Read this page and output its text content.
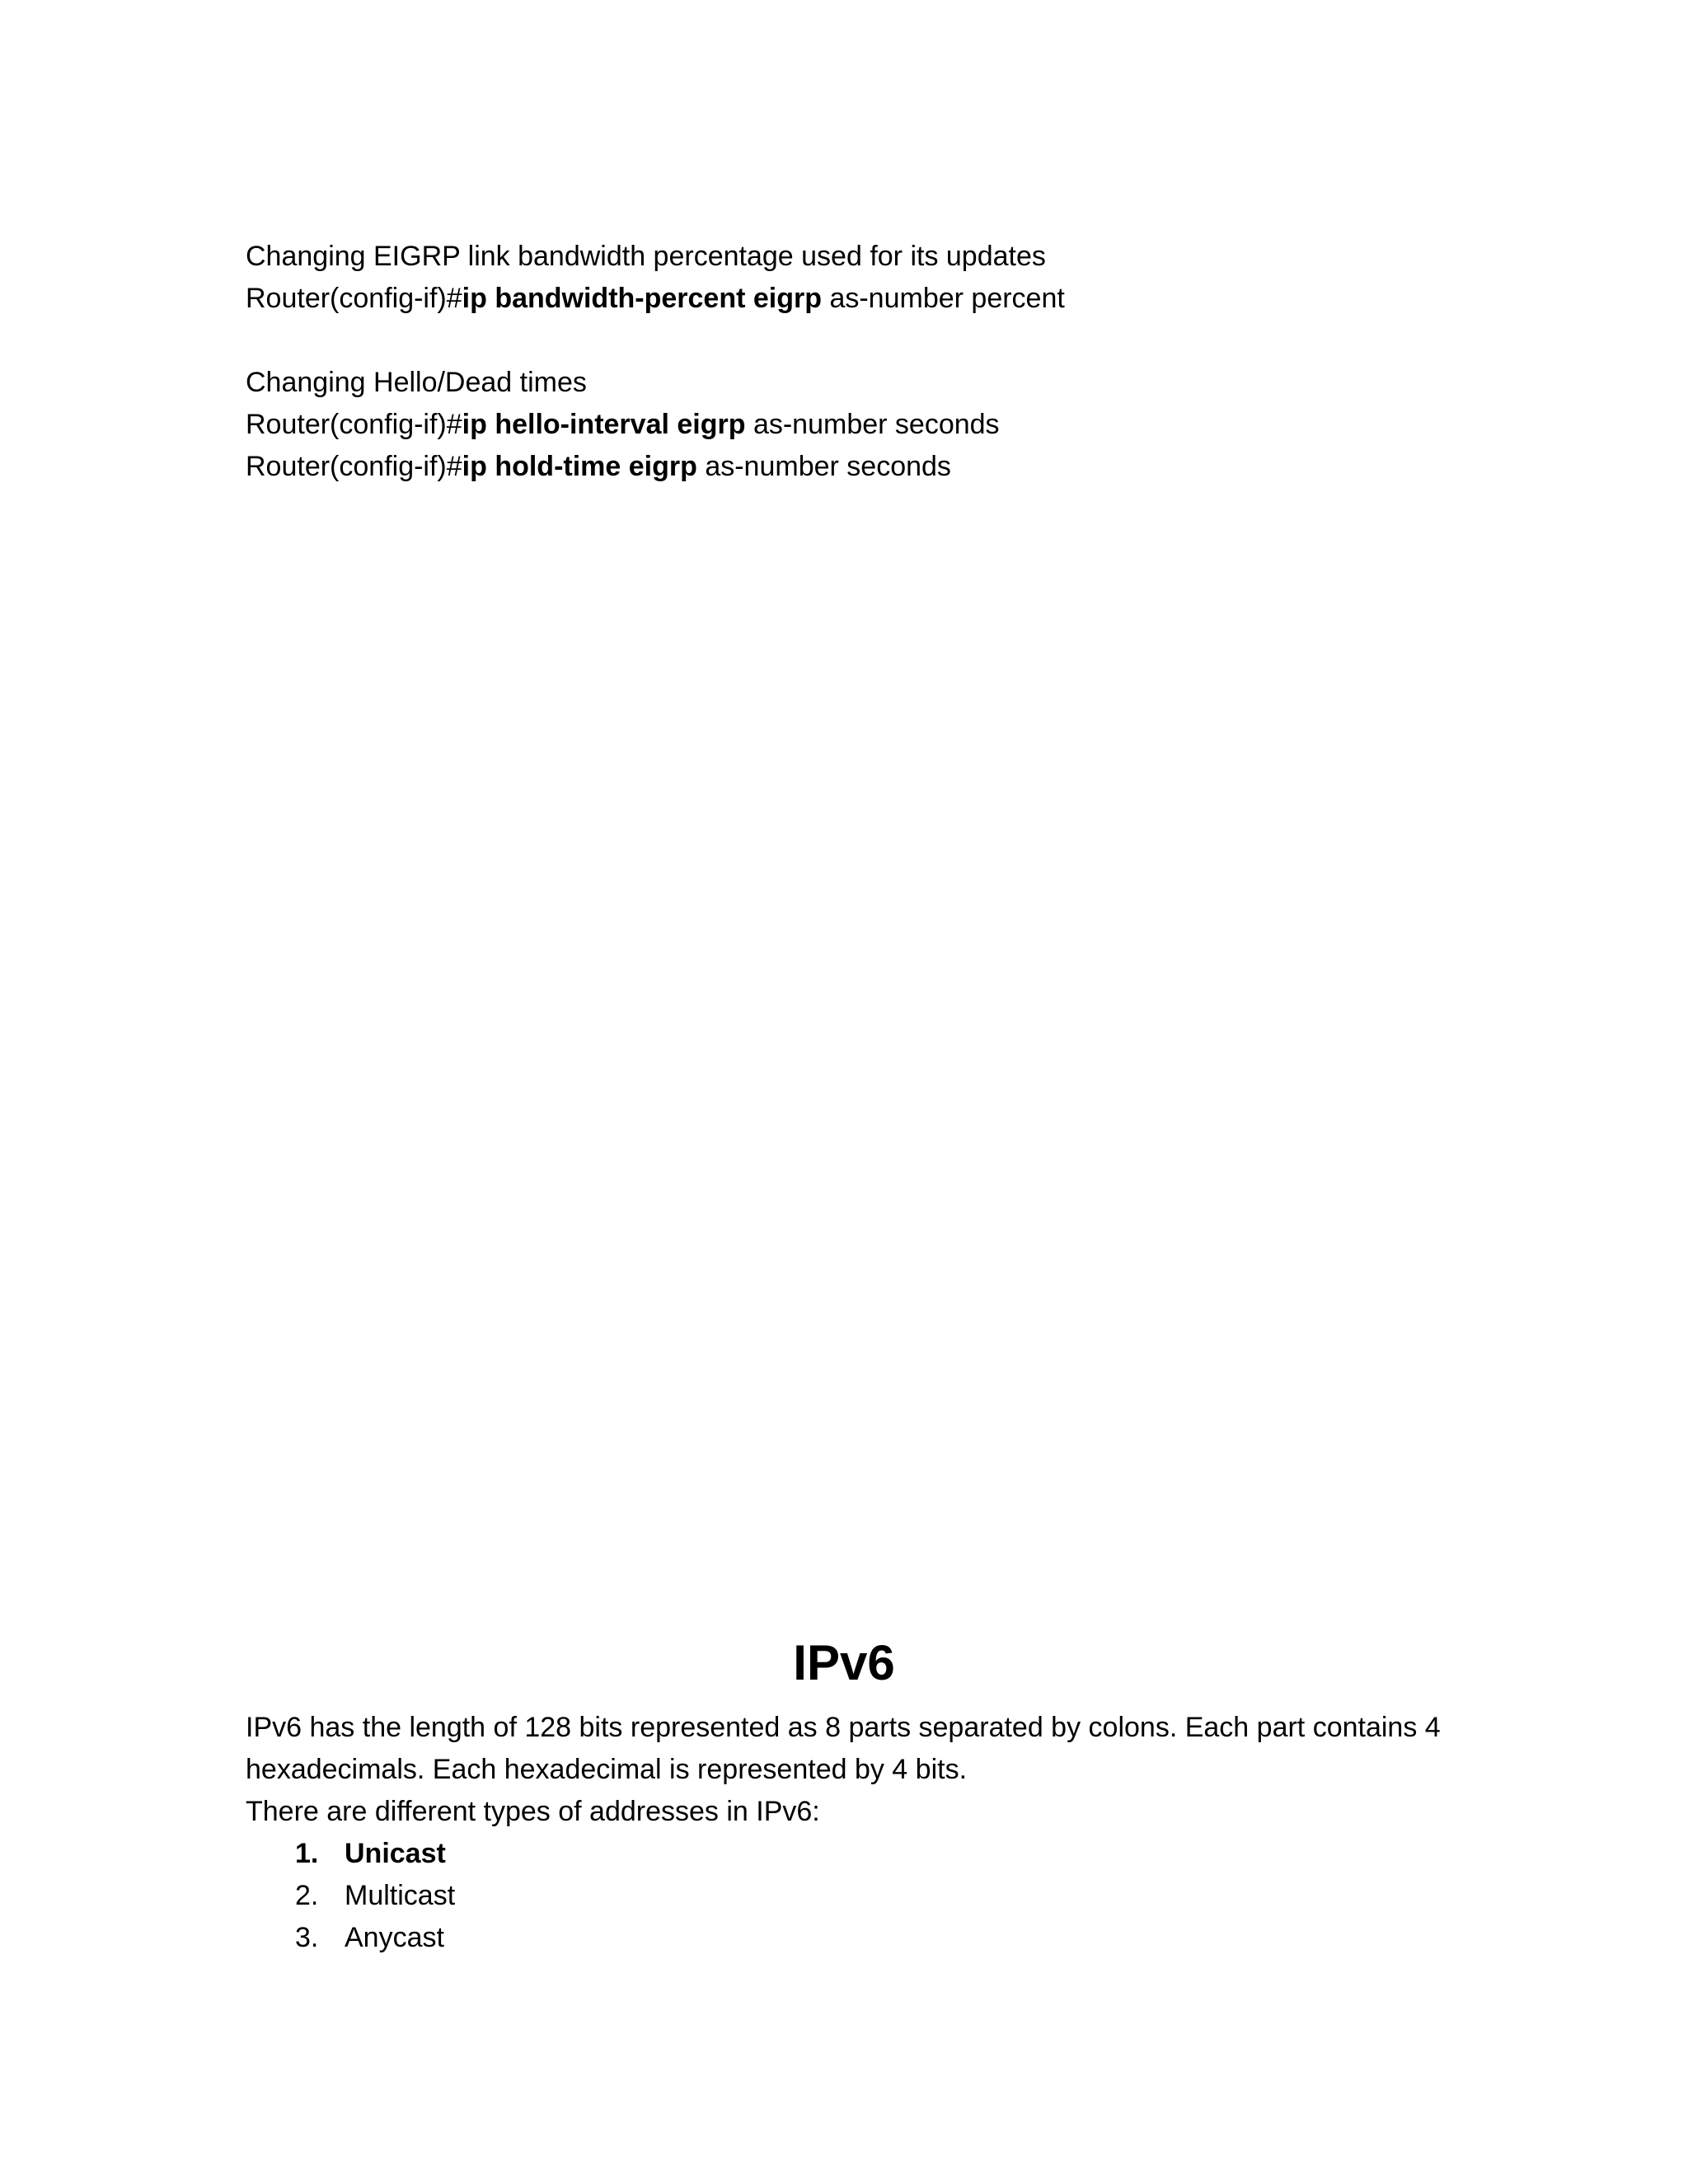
Changing EIGRP link bandwidth percentage used for its updates

Router(config-if)#ip bandwidth-percent eigrp as-number percent

Changing Hello/Dead times

Router(config-if)#ip hello-interval eigrp as-number seconds

Router(config-if)#ip hold-time eigrp as-number seconds

IPv6

IPv6 has the length of 128 bits represented as 8 parts separated by colons. Each part contains 4

hexadecimals. Each hexadecimal is represented by 4 bits.

There are different types of addresses in IPv6:

1. Unicast
2. Multicast
3. Anycast
